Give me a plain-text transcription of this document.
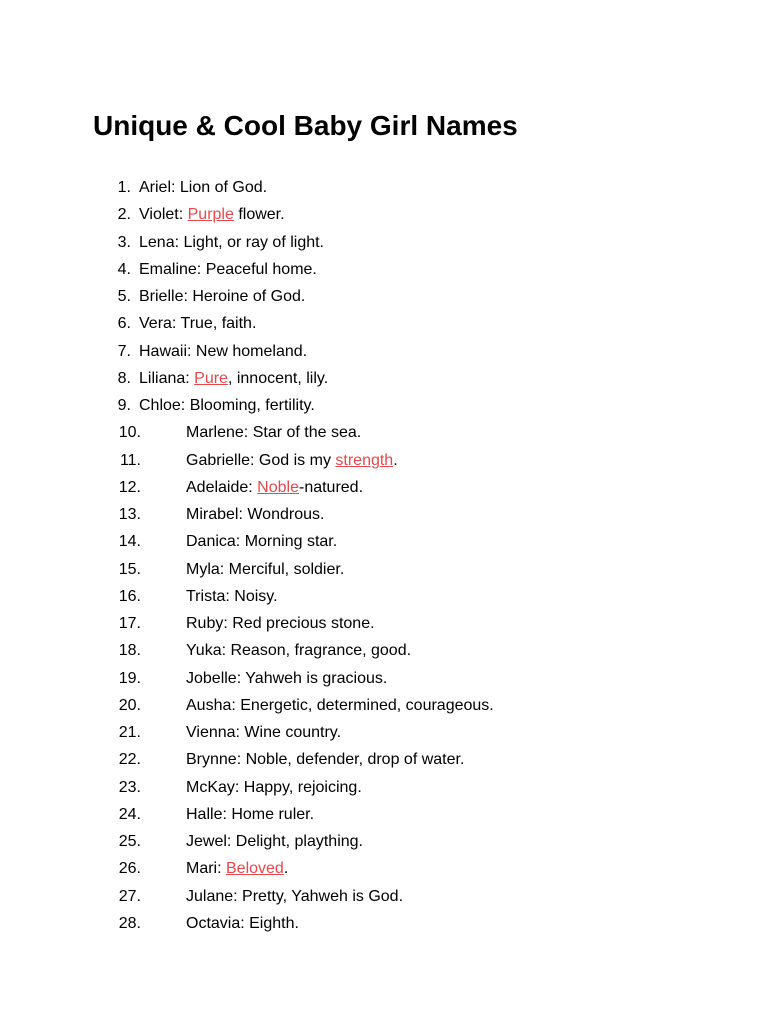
Unique & Cool Baby Girl Names
1. Ariel: Lion of God.
2. Violet: Purple flower.
3. Lena: Light, or ray of light.
4. Emaline: Peaceful home.
5. Brielle: Heroine of God.
6. Vera: True, faith.
7. Hawaii: New homeland.
8. Liliana: Pure, innocent, lily.
9. Chloe: Blooming, fertility.
10.	Marlene: Star of the sea.
11.	Gabrielle: God is my strength.
12.	Adelaide: Noble-natured.
13.	Mirabel: Wondrous.
14.	Danica: Morning star.
15.	Myla: Merciful, soldier.
16.	Trista: Noisy.
17.	Ruby: Red precious stone.
18.	Yuka: Reason, fragrance, good.
19.	Jobelle: Yahweh is gracious.
20.	Ausha: Energetic, determined, courageous.
21.	Vienna: Wine country.
22.	Brynne: Noble, defender, drop of water.
23.	McKay: Happy, rejoicing.
24.	Halle: Home ruler.
25.	Jewel: Delight, plaything.
26.	Mari: Beloved.
27.	Julane: Pretty, Yahweh is God.
28.	Octavia: Eighth.
